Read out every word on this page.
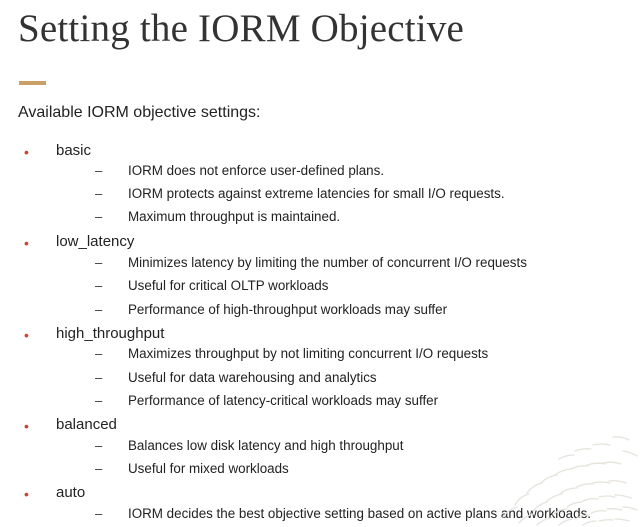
Setting the IORM Objective
Available IORM objective settings:
• basic
– IORM does not enforce user-defined plans.
– IORM protects against extreme latencies for small I/O requests.
– Maximum throughput is maintained.
• low_latency
– Minimizes latency by limiting the number of concurrent I/O requests
– Useful for critical OLTP workloads
– Performance of high-throughput workloads may suffer
• high_throughput
– Maximizes throughput by not limiting concurrent I/O requests
– Useful for data warehousing and analytics
– Performance of latency-critical workloads may suffer
• balanced
– Balances low disk latency and high throughput
– Useful for mixed workloads
• auto
– IORM decides the best objective setting based on active plans and workloads.
